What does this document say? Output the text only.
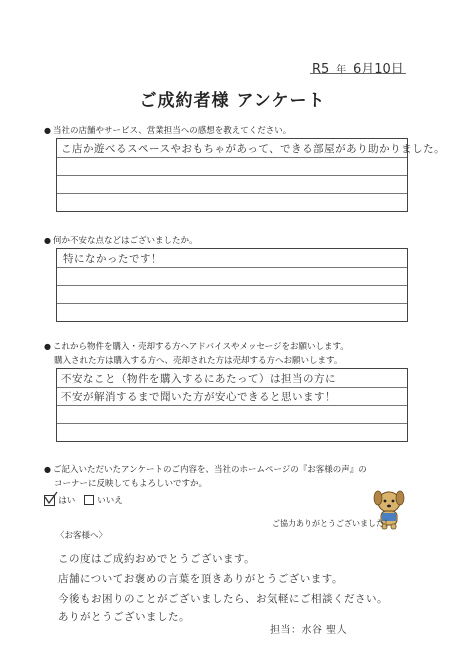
R5 年 6月10日
ご成約者様 アンケート
● 当社の店舗やサービス、営業担当への感想を教えてください。
こ店か遊べるスペースやおもちゃがあって、できる部屋があり助かりました。
● 何か不安な点などはございましたか。
特になかったです！
● これから物件を購入・売却する方へアドバイスやメッセージをお願いします。
購入された方は購入する方へ、売却された方は売却する方へお願いします。
不安なこと（物件を購入するにあたって）は担当の方に
不安が解消するまで聞いた方が安心できると思います！
● ご記入いただいたアンケートのご内容を、当社のホームページの『お客様の声』の
コーナーに反映してもよろしいですか。
はい	いいえ
ご協力ありがとうございました！
〈お客様へ〉
この度はご成約おめでとうございます。
店舗についてお褒めの言葉を頂きありがとうございます。
今後もお困りのことがございましたら、お気軽にご相談ください。
ありがとうございました。
担当：水谷 聖人
